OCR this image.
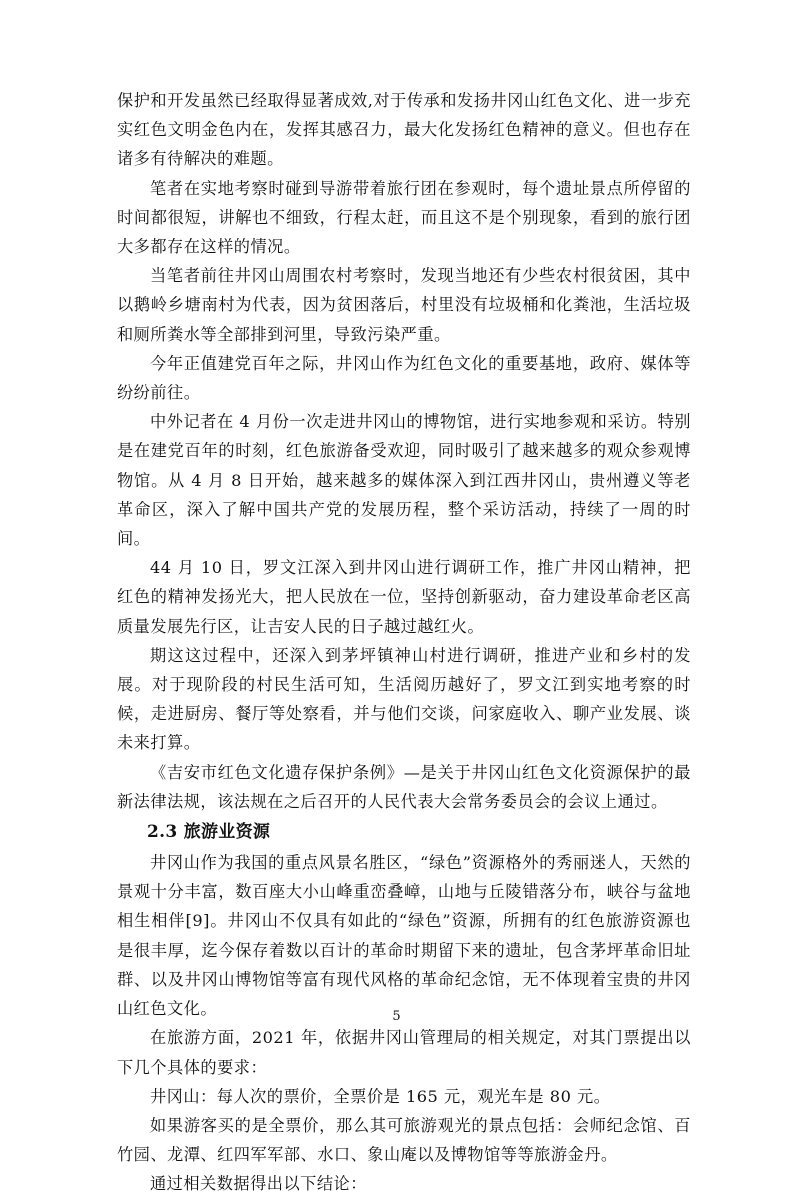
保护和开发虽然已经取得显著成效,对于传承和发扬井冈山红色文化、进一步充实红色文明金色内在，发挥其感召力，最大化发扬红色精神的意义。但也存在诸多有待解决的难题。

笔者在实地考察时碰到导游带着旅行团在参观时，每个遗址景点所停留的时间都很短，讲解也不细致，行程太赶，而且这不是个别现象，看到的旅行团大多都存在这样的情况。

当笔者前往井冈山周围农村考察时，发现当地还有少些农村很贫困，其中以鹅岭乡塘南村为代表，因为贫困落后，村里没有垃圾桶和化粪池，生活垃圾和厕所粪水等全部排到河里，导致污染严重。

今年正值建党百年之际，井冈山作为红色文化的重要基地，政府、媒体等纷纷前往。

中外记者在 4 月份一次走进井冈山的博物馆，进行实地参观和采访。特别是在建党百年的时刻，红色旅游备受欢迎，同时吸引了越来越多的观众参观博物馆。从 4 月 8 日开始，越来越多的媒体深入到江西井冈山，贵州遵义等老革命区，深入了解中国共产党的发展历程，整个采访活动，持续了一周的时间。

44 月 10 日，罗文江深入到井冈山进行调研工作，推广井冈山精神，把红色的精神发扬光大，把人民放在一位，坚持创新驱动，奋力建设革命老区高质量发展先行区，让吉安人民的日子越过越红火。

期这这过程中，还深入到茅坪镇神山村进行调研，推进产业和乡村的发展。对于现阶段的村民生活可知，生活阅历越好了，罗文江到实地考察的时候，走进厨房、餐厅等处察看，并与他们交谈，问家庭收入、聊产业发展、谈未来打算。

《吉安市红色文化遗存保护条例》—是关于井冈山红色文化资源保护的最新法律法规，该法规在之后召开的人民代表大会常务委员会的会议上通过。

2.3 旅游业资源

井冈山作为我国的重点风景名胜区，“绿色”资源格外的秀丽迷人，天然的景观十分丰富，数百座大小山峰重峦叠嶂，山地与丘陵错落分布，峡谷与盆地相生相伴[9]。井冈山不仅具有如此的“绿色”资源，所拥有的红色旅游资源也是很丰厚，迄今保存着数以百计的革命时期留下来的遗址，包含茅坪革命旧址群、以及井冈山博物馆等富有现代风格的革命纪念馆，无不体现着宝贵的井冈山红色文化。

在旅游方面，2021 年，依据井冈山管理局的相关规定，对其门票提出以下几个具体的要求：

井冈山：每人次的票价，全票价是 165 元，观光车是 80 元。

如果游客买的是全票价，那么其可旅游观光的景点包括：会师纪念馆、百竹园、龙潭、红四军军部、水口、象山庵以及博物馆等等旅游金丹。

通过相关数据得出以下结论：

5
